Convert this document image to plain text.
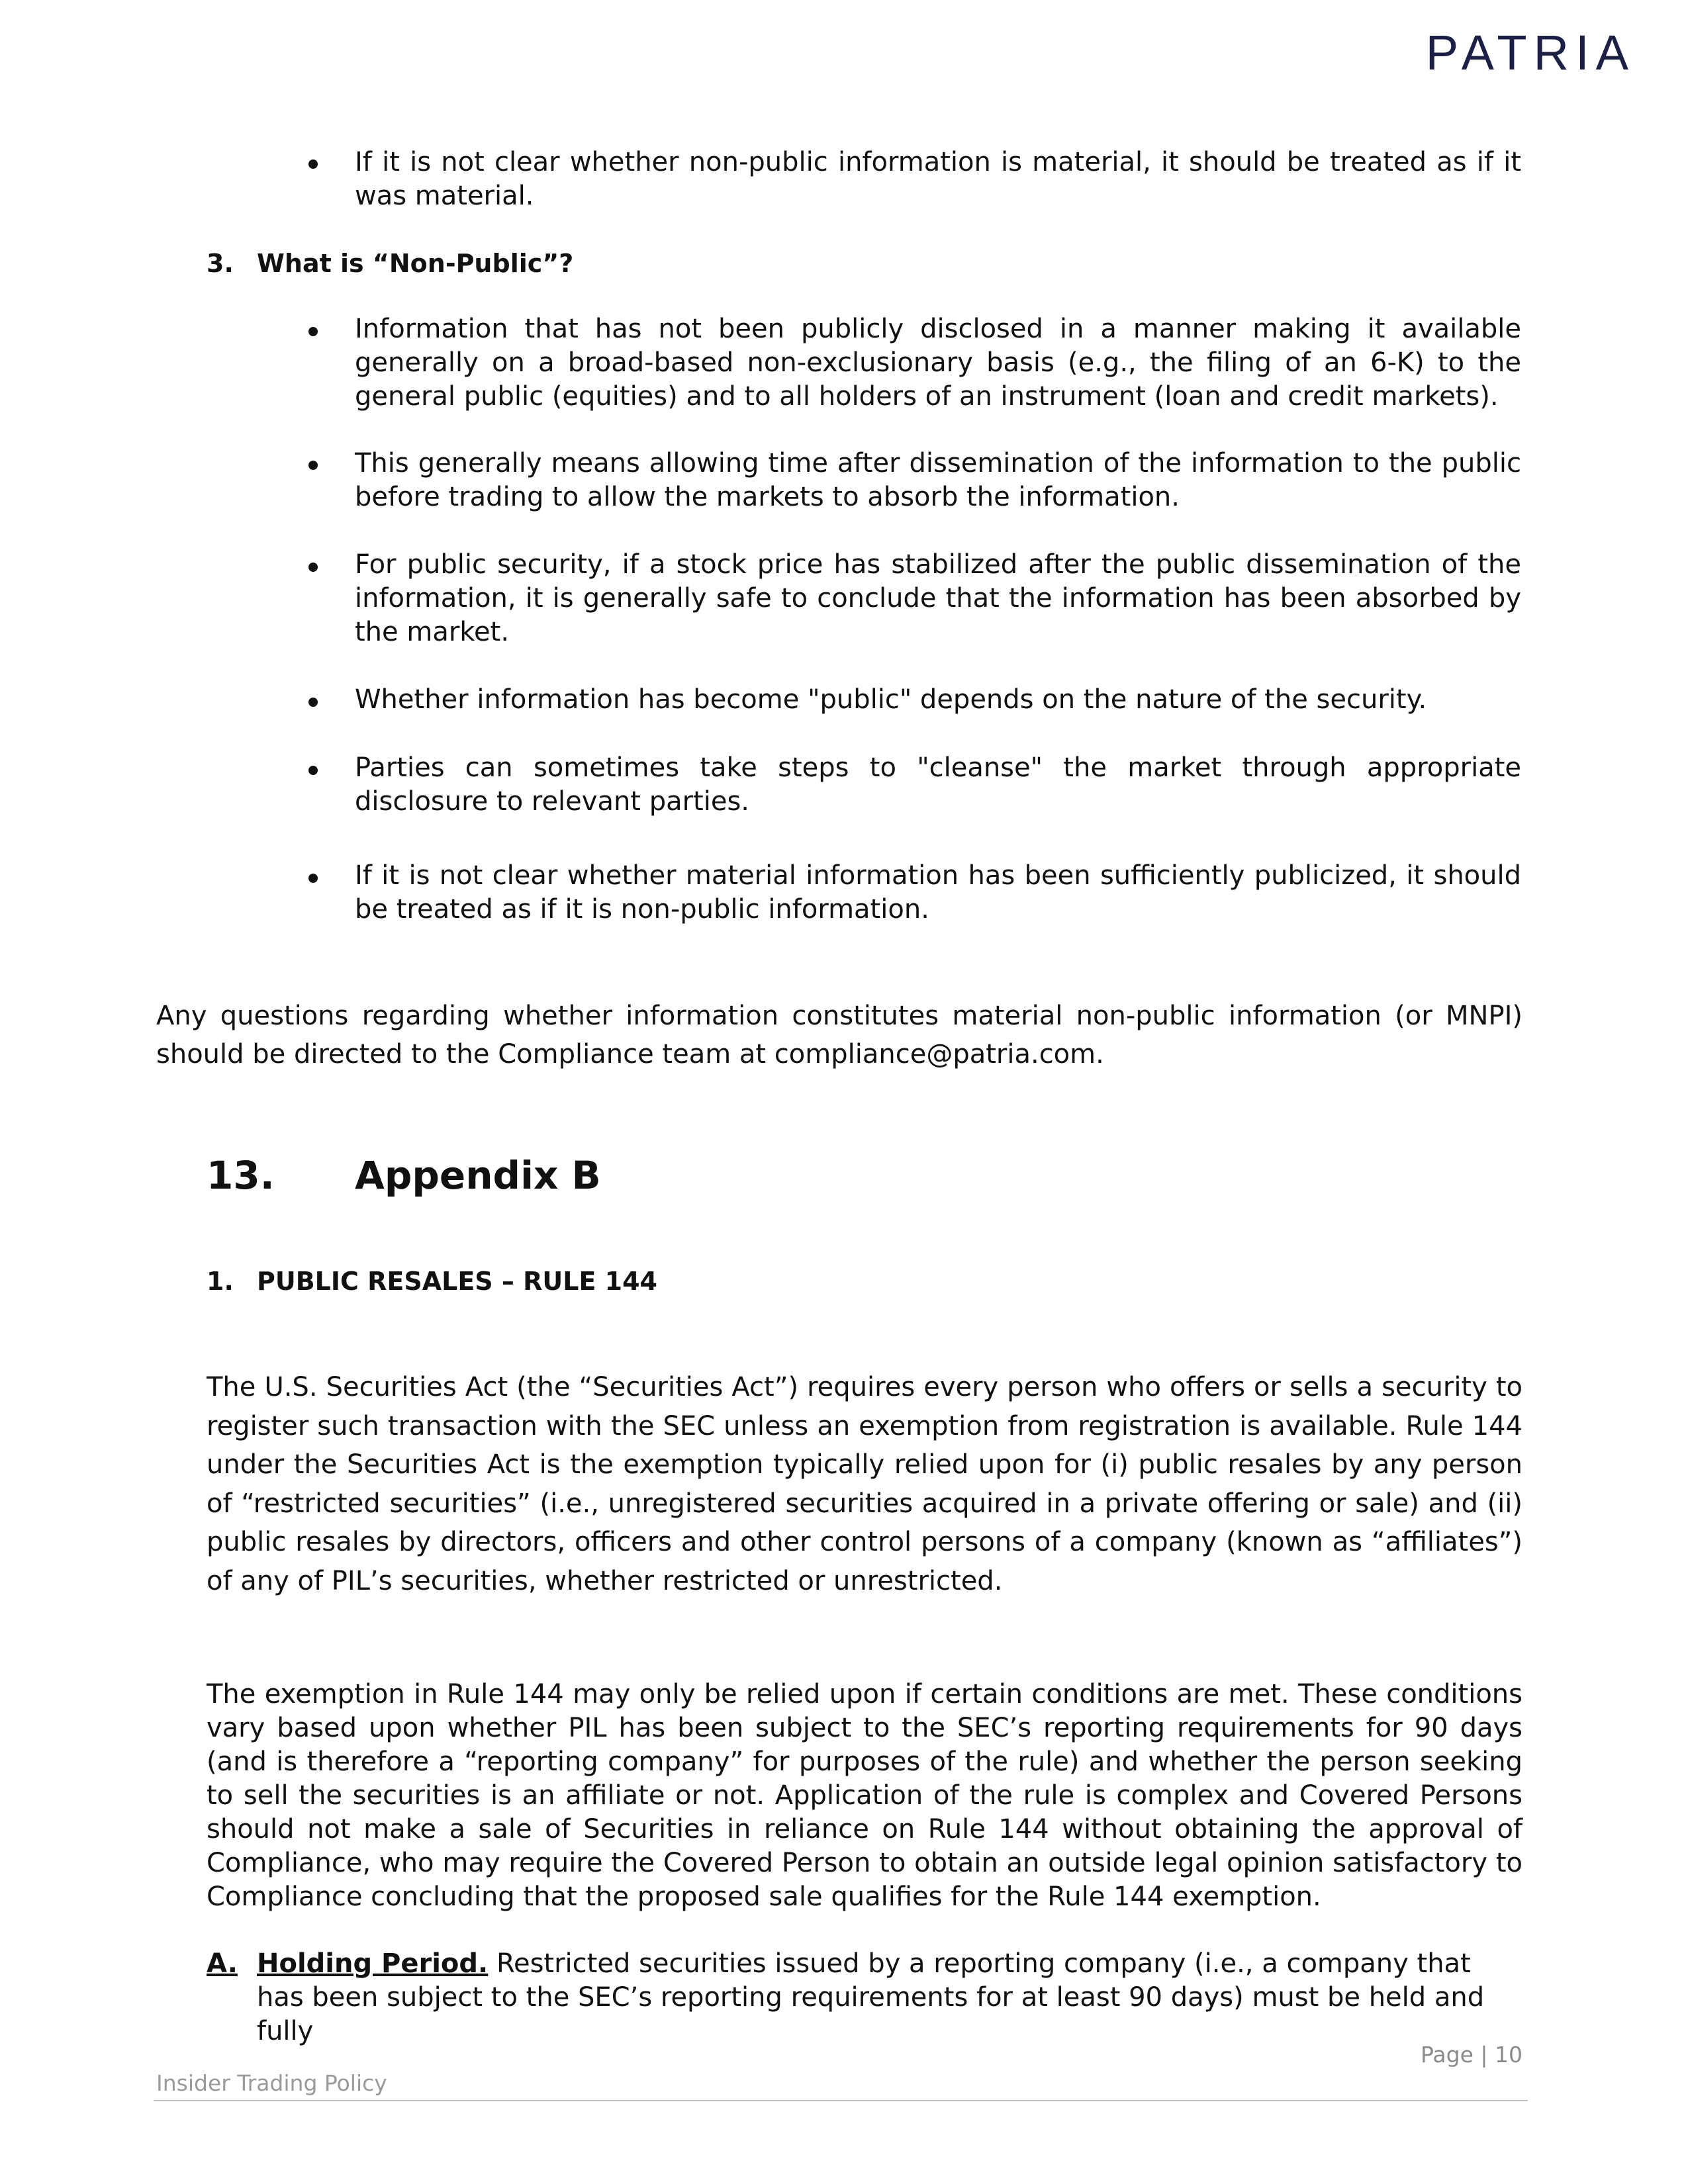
PATRIA

If it is not clear whether non-public information is material, it should be treated as if it was material.

3. What is “Non-Public”?

Information that has not been publicly disclosed in a manner making it available generally on a broad-based non-exclusionary basis (e.g., the filing of an 6-K) to the general public (equities) and to all holders of an instrument (loan and credit markets).

This generally means allowing time after dissemination of the information to the public before trading to allow the markets to absorb the information.

For public security, if a stock price has stabilized after the public dissemination of the information, it is generally safe to conclude that the information has been absorbed by the market.

Whether information has become "public" depends on the nature of the security.

Parties can sometimes take steps to "cleanse" the market through appropriate disclosure to relevant parties.

If it is not clear whether material information has been sufficiently publicized, it should be treated as if it is non-public information.

Any questions regarding whether information constitutes material non-public information (or MNPI) should be directed to the Compliance team at compliance@patria.com.

13. Appendix B
1. PUBLIC RESALES – RULE 144

The U.S. Securities Act (the “Securities Act”) requires every person who offers or sells a security to register such transaction with the SEC unless an exemption from registration is available. Rule 144 under the Securities Act is the exemption typically relied upon for (i) public resales by any person of “restricted securities” (i.e., unregistered securities acquired in a private offering or sale) and (ii) public resales by directors, officers and other control persons of a company (known as “affiliates”) of any of PIL’s securities, whether restricted or unrestricted.

The exemption in Rule 144 may only be relied upon if certain conditions are met. These conditions vary based upon whether PIL has been subject to the SEC’s reporting requirements for 90 days (and is therefore a “reporting company” for purposes of the rule) and whether the person seeking to sell the securities is an affiliate or not. Application of the rule is complex and Covered Persons should not make a sale of Securities in reliance on Rule 144 without obtaining the approval of Compliance, who may require the Covered Person to obtain an outside legal opinion satisfactory to Compliance concluding that the proposed sale qualifies for the Rule 144 exemption.

A. Holding Period. Restricted securities issued by a reporting company (i.e., a company that has been subject to the SEC’s reporting requirements for at least 90 days) must be held and fully

Page | 10
Insider Trading Policy
